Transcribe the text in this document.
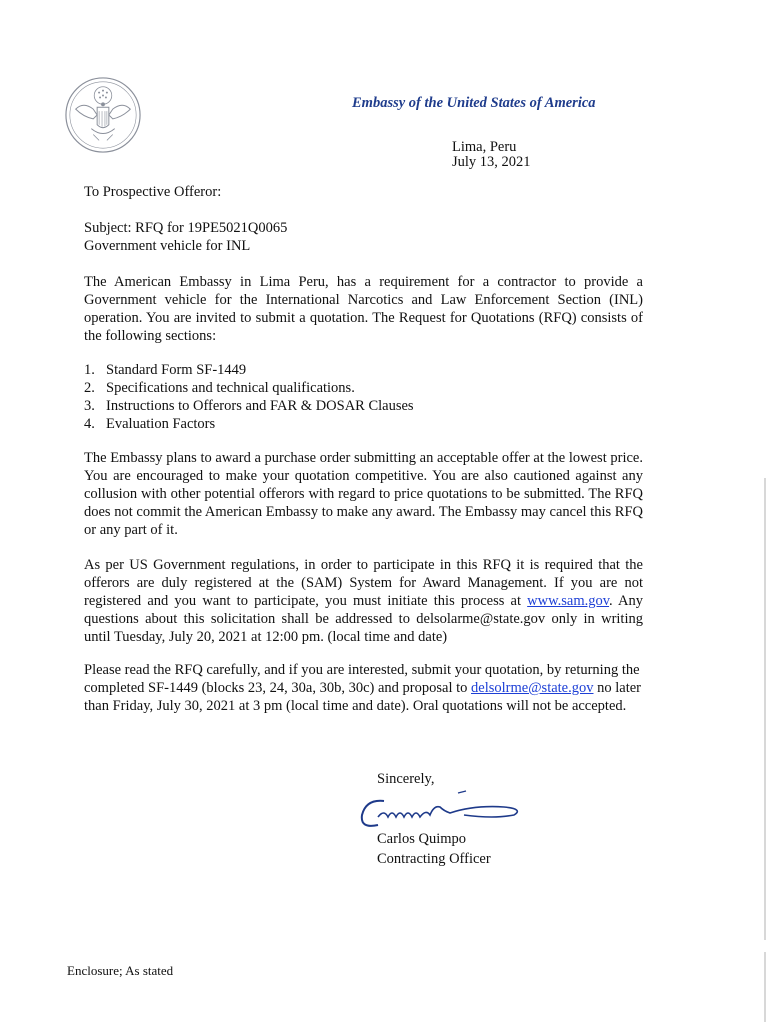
Embassy of the United States of America
Lima, Peru
July 13, 2021
To Prospective Offeror:
Subject: RFQ for 19PE5021Q0065
Government vehicle for INL
The American Embassy in Lima Peru, has a requirement for a contractor to provide a Government vehicle for the International Narcotics and Law Enforcement Section (INL) operation. You are invited to submit a quotation. The Request for Quotations (RFQ) consists of the following sections:
1. Standard Form SF-1449
2. Specifications and technical qualifications.
3. Instructions to Offerors and FAR & DOSAR Clauses
4. Evaluation Factors
The Embassy plans to award a purchase order submitting an acceptable offer at the lowest price. You are encouraged to make your quotation competitive. You are also cautioned against any collusion with other potential offerors with regard to price quotations to be submitted. The RFQ does not commit the American Embassy to make any award. The Embassy may cancel this RFQ or any part of it.
As per US Government regulations, in order to participate in this RFQ it is required that the offerors are duly registered at the (SAM) System for Award Management. If you are not registered and you want to participate, you must initiate this process at www.sam.gov. Any questions about this solicitation shall be addressed to delsolarme@state.gov only in writing until Tuesday, July 20, 2021 at 12:00 pm. (local time and date)
Please read the RFQ carefully, and if you are interested, submit your quotation, by returning the completed SF-1449 (blocks 23, 24, 30a, 30b, 30c) and proposal to delsolrme@state.gov no later than Friday, July 30, 2021 at 3 pm (local time and date). Oral quotations will not be accepted.
Sincerely,
Carlos Quimpo
Contracting Officer
Enclosure; As stated
